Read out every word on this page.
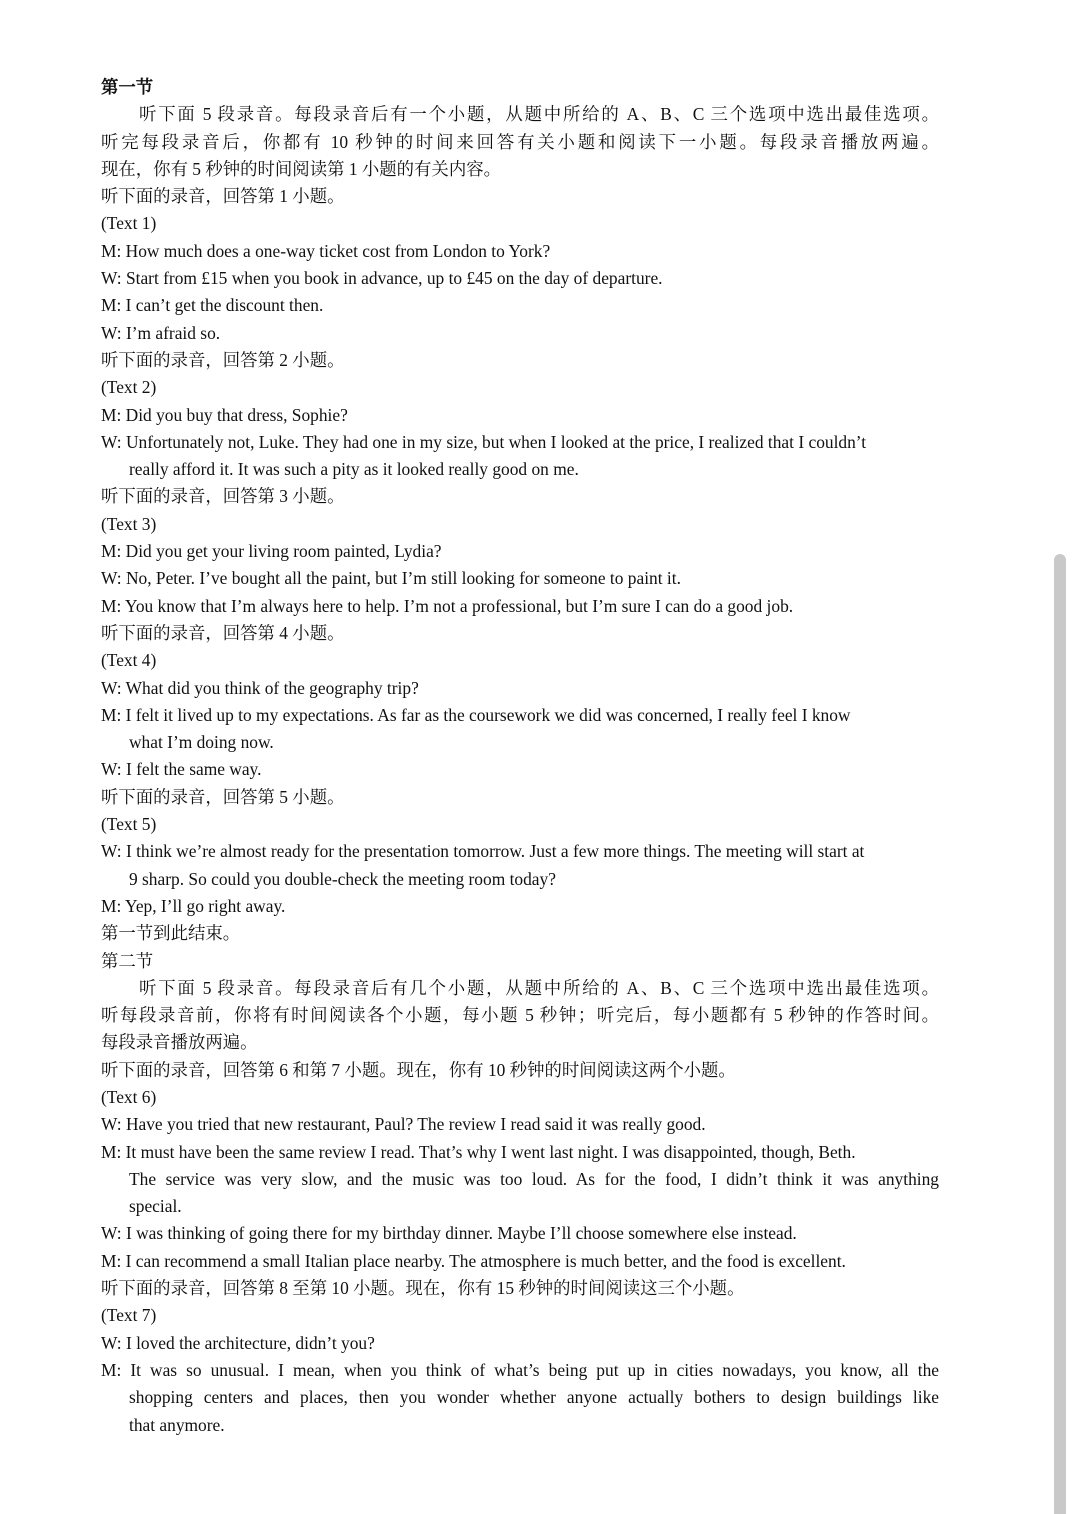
第一节
听下面 5 段录音。每段录音后有一个小题，从题中所给的 A、B、C 三个选项中选出最佳选项。
听完每段录音后，你都有 10 秒钟的时间来回答有关小题和阅读下一小题。每段录音播放两遍。
现在，你有 5 秒钟的时间阅读第 1 小题的有关内容。
听下面的录音，回答第 1 小题。
(Text 1)
M: How much does a one-way ticket cost from London to York?
W: Start from £15 when you book in advance, up to £45 on the day of departure.
M: I can’t get the discount then.
W: I’m afraid so.
听下面的录音，回答第 2 小题。
(Text 2)
M: Did you buy that dress, Sophie?
W: Unfortunately not, Luke. They had one in my size, but when I looked at the price, I realized that I couldn’t
really afford it. It was such a pity as it looked really good on me.
听下面的录音，回答第 3 小题。
(Text 3)
M: Did you get your living room painted, Lydia?
W: No, Peter. I’ve bought all the paint, but I’m still looking for someone to paint it.
M: You know that I’m always here to help. I’m not a professional, but I’m sure I can do a good job.
听下面的录音，回答第 4 小题。
(Text 4)
W: What did you think of the geography trip?
M: I felt it lived up to my expectations. As far as the coursework we did was concerned, I really feel I know
what I’m doing now.
W: I felt the same way.
听下面的录音，回答第 5 小题。
(Text 5)
W: I think we’re almost ready for the presentation tomorrow. Just a few more things. The meeting will start at
9 sharp. So could you double-check the meeting room today?
M: Yep, I’ll go right away.
第一节到此结束。
第二节
听下面 5 段录音。每段录音后有几个小题，从题中所给的 A、B、C 三个选项中选出最佳选项。
听每段录音前，你将有时间阅读各个小题，每小题 5 秒钟；听完后，每小题都有 5 秒钟的作答时间。
每段录音播放两遍。
听下面的录音，回答第 6 和第 7 小题。现在，你有 10 秒钟的时间阅读这两个小题。
(Text 6)
W: Have you tried that new restaurant, Paul? The review I read said it was really good.
M: It must have been the same review I read. That’s why I went last night. I was disappointed, though, Beth.
The service was very slow, and the music was too loud. As for the food, I didn’t think it was anything
special.
W: I was thinking of going there for my birthday dinner. Maybe I’ll choose somewhere else instead.
M: I can recommend a small Italian place nearby. The atmosphere is much better, and the food is excellent.
听下面的录音，回答第 8 至第 10 小题。现在，你有 15 秒钟的时间阅读这三个小题。
(Text 7)
W: I loved the architecture, didn’t you?
M: It was so unusual. I mean, when you think of what’s being put up in cities nowadays, you know, all the
shopping centers and places, then you wonder whether anyone actually bothers to design buildings like
that anymore.
